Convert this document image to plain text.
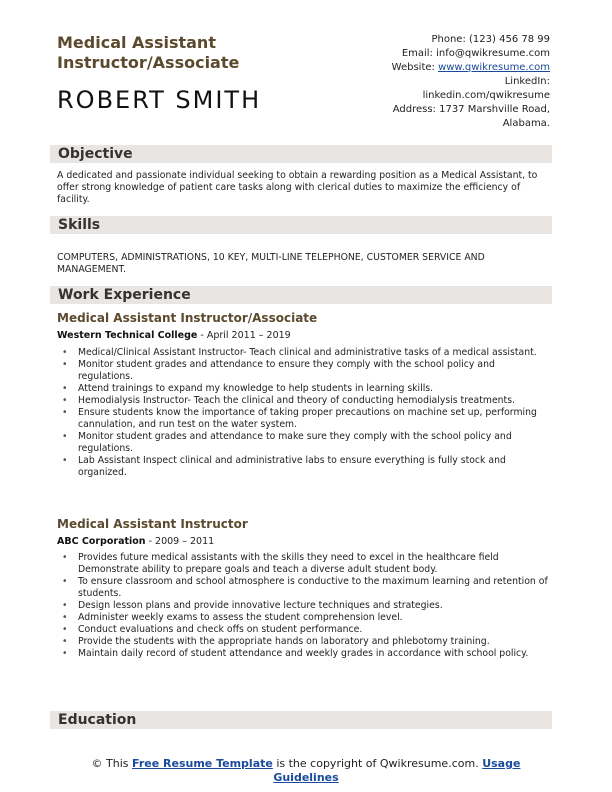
Medical Assistant Instructor/Associate
ROBERT SMITH
Phone: (123) 456 78 99
Email: info@qwikresume.com
Website: www.qwikresume.com
LinkedIn:
linkedin.com/qwikresume
Address: 1737 Marshville Road,
Alabama.
Objective
A dedicated and passionate individual seeking to obtain a rewarding position as a Medical Assistant, to offer strong knowledge of patient care tasks along with clerical duties to maximize the efficiency of facility.
Skills
COMPUTERS, ADMINISTRATIONS, 10 KEY, MULTI-LINE TELEPHONE, CUSTOMER SERVICE AND MANAGEMENT.
Work Experience
Medical Assistant Instructor/Associate
Western Technical College - April 2011 – 2019
• Medical/Clinical Assistant Instructor- Teach clinical and administrative tasks of a medical assistant.
• Monitor student grades and attendance to ensure they comply with the school policy and regulations.
• Attend trainings to expand my knowledge to help students in learning skills.
• Hemodialysis Instructor- Teach the clinical and theory of conducting hemodialysis treatments.
• Ensure students know the importance of taking proper precautions on machine set up, performing cannulation, and run test on the water system.
• Monitor student grades and attendance to make sure they comply with the school policy and regulations.
• Lab Assistant Inspect clinical and administrative labs to ensure everything is fully stock and organized.
Medical Assistant Instructor
ABC Corporation - 2009 – 2011
• Provides future medical assistants with the skills they need to excel in the healthcare field Demonstrate ability to prepare goals and teach a diverse adult student body.
• To ensure classroom and school atmosphere is conductive to the maximum learning and retention of students.
• Design lesson plans and provide innovative lecture techniques and strategies.
• Administer weekly exams to assess the student comprehension level.
• Conduct evaluations and check offs on student performance.
• Provide the students with the appropriate hands on laboratory and phlebotomy training.
• Maintain daily record of student attendance and weekly grades in accordance with school policy.
Education
© This Free Resume Template is the copyright of Qwikresume.com. Usage
Guidelines
